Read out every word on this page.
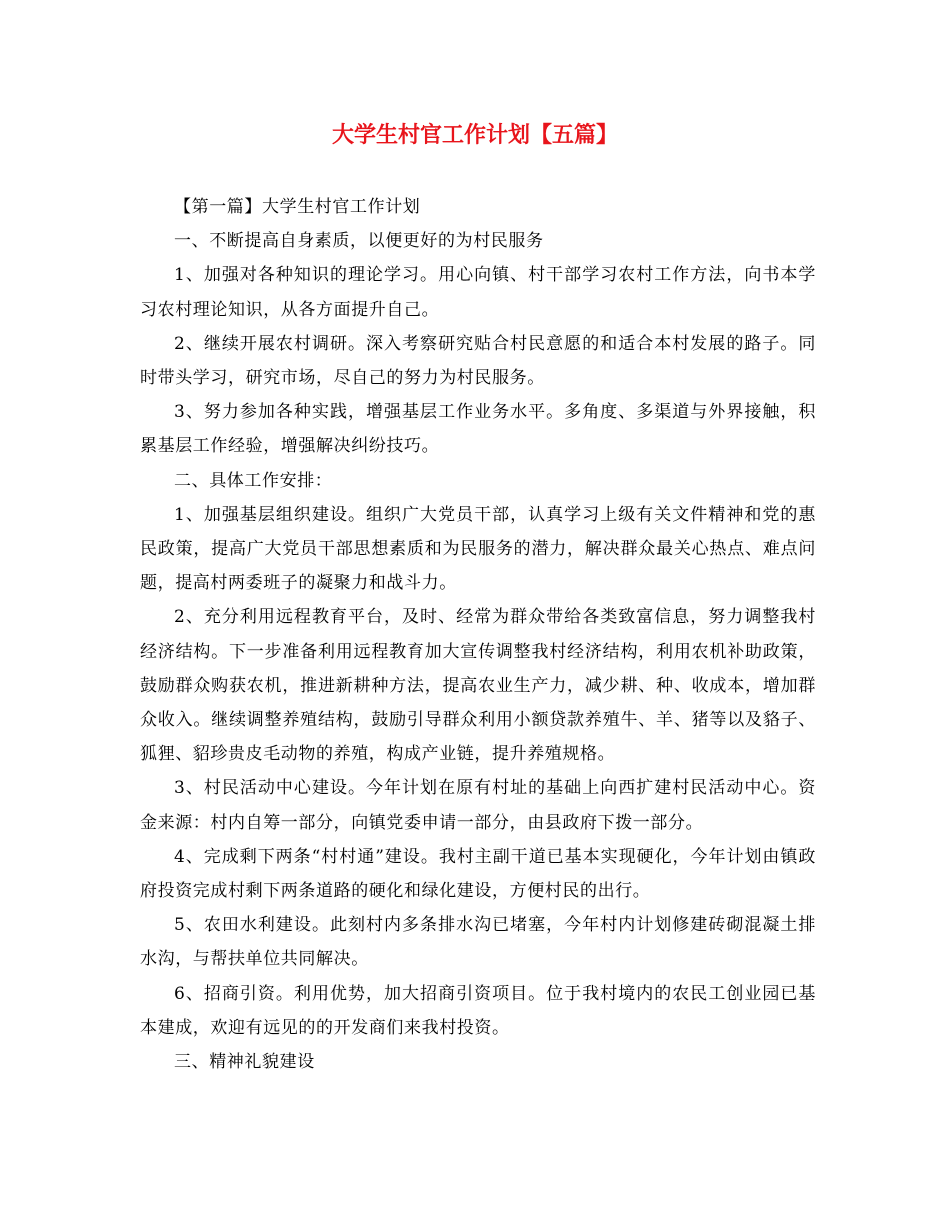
大学生村官工作计划【五篇】

【第一篇】大学生村官工作计划

一、不断提高自身素质，以便更好的为村民服务

1、加强对各种知识的理论学习。用心向镇、村干部学习农村工作方法，向书本学习农村理论知识，从各方面提升自己。

2、继续开展农村调研。深入考察研究贴合村民意愿的和适合本村发展的路子。同时带头学习，研究市场，尽自己的努力为村民服务。

3、努力参加各种实践，增强基层工作业务水平。多角度、多渠道与外界接触，积累基层工作经验，增强解决纠纷技巧。

二、具体工作安排：

1、加强基层组织建设。组织广大党员干部，认真学习上级有关文件精神和党的惠民政策，提高广大党员干部思想素质和为民服务的潜力，解决群众最关心热点、难点问题，提高村两委班子的凝聚力和战斗力。

2、充分利用远程教育平台，及时、经常为群众带给各类致富信息，努力调整我村经济结构。下一步准备利用远程教育加大宣传调整我村经济结构，利用农机补助政策，鼓励群众购获农机，推进新耕种方法，提高农业生产力，减少耕、种、收成本，增加群众收入。继续调整养殖结构，鼓励引导群众利用小额贷款养殖牛、羊、猪等以及貉子、狐狸、貂珍贵皮毛动物的养殖，构成产业链，提升养殖规格。

3、村民活动中心建设。今年计划在原有村址的基础上向西扩建村民活动中心。资金来源：村内自筹一部分，向镇党委申请一部分，由县政府下拨一部分。

4、完成剩下两条“村村通”建设。我村主副干道已基本实现硬化，今年计划由镇政府投资完成村剩下两条道路的硬化和绿化建设，方便村民的出行。

5、农田水利建设。此刻村内多条排水沟已堵塞，今年村内计划修建砖砌混凝土排水沟，与帮扶单位共同解决。

6、招商引资。利用优势，加大招商引资项目。位于我村境内的农民工创业园已基本建成，欢迎有远见的的开发商们来我村投资。

三、精神礼貌建设
